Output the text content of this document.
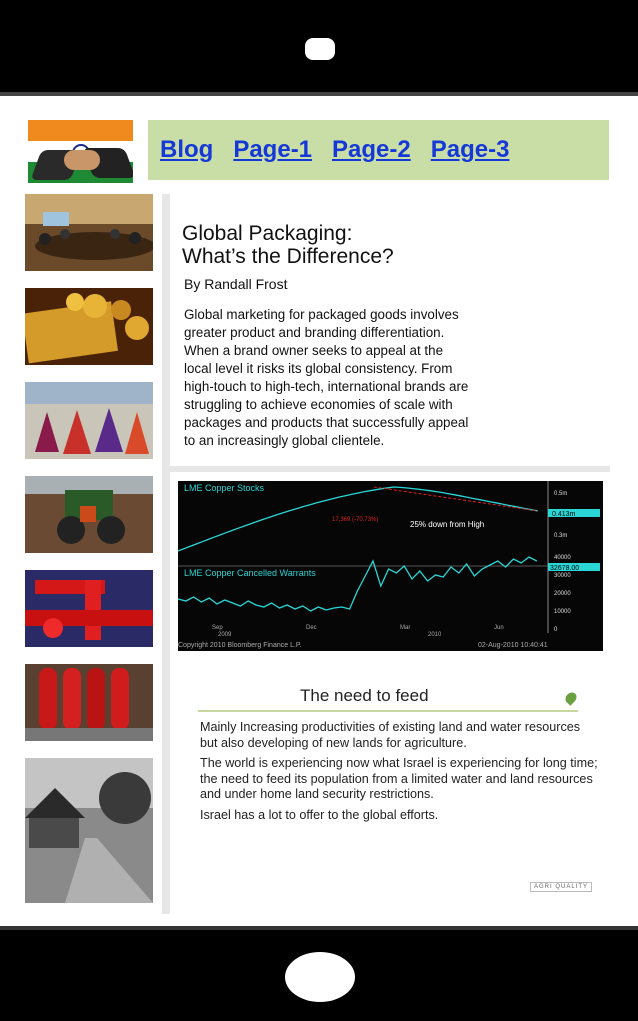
Blog Page-1 Page-2 Page-3
Global Packaging:
What’s the Difference?
By Randall Frost
Global marketing for packaged goods involves
greater product and branding differentiation.
When a brand owner seeks to appeal at the
local level it risks its global consistency. From
high-touch to high-tech, international brands are
struggling to achieve economies of scale with
packages and products that successfully appeal
to an increasingly global clientele.
LME Copper Stocks
17,369 (-70.73%)	25% down from High
LME Copper Cancelled Warrants
0.5m
0.3m
40000
30000
20000
10000
0
0.413m
32678.00
Sep	Dec	Mar	Jun
2009	2010
Copyright 2010 Bloomberg Finance L.P.	02-Aug-2010 10:40:41
The need to feed

Mainly Increasing productivities of existing land and water resources but also developing of new lands for agriculture.

The world is experiencing now what Israel is experiencing for long time; the need to feed its population from a limited water and land resources and under home land security restrictions.

Israel has a lot to offer to the global efforts.

AGRI QUALITY
